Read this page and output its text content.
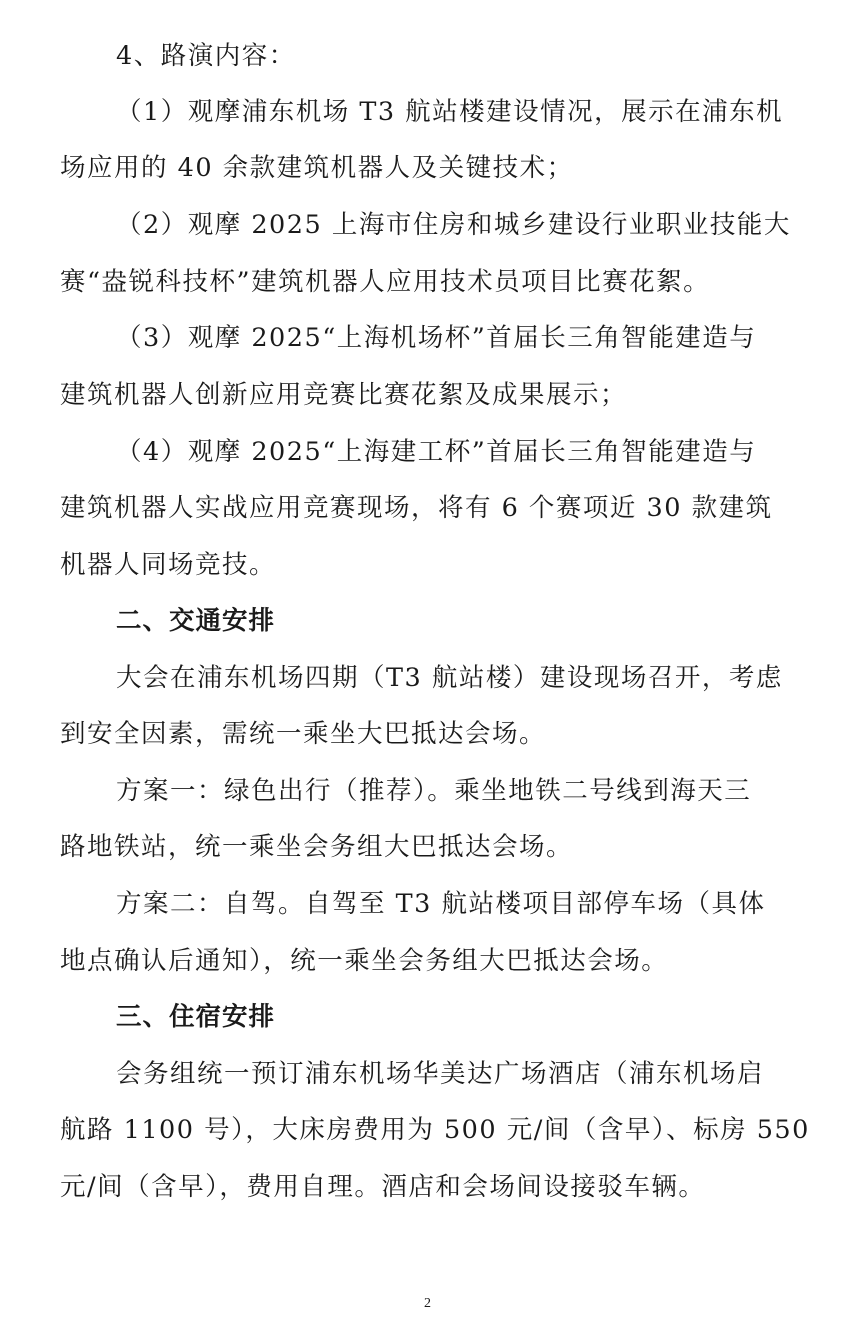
4、路演内容：
（1）观摩浦东机场 T3 航站楼建设情况，展示在浦东机
场应用的 40 余款建筑机器人及关键技术；
（2）观摩 2025 上海市住房和城乡建设行业职业技能大
赛“盎锐科技杯”建筑机器人应用技术员项目比赛花絮。
（3）观摩 2025“上海机场杯”首届长三角智能建造与
建筑机器人创新应用竞赛比赛花絮及成果展示；
（4）观摩 2025“上海建工杯”首届长三角智能建造与
建筑机器人实战应用竞赛现场，将有 6 个赛项近 30 款建筑
机器人同场竞技。
二、交通安排
大会在浦东机场四期（T3 航站楼）建设现场召开，考虑
到安全因素，需统一乘坐大巴抵达会场。
方案一：绿色出行（推荐）。乘坐地铁二号线到海天三
路地铁站，统一乘坐会务组大巴抵达会场。
方案二：自驾。自驾至 T3 航站楼项目部停车场（具体
地点确认后通知），统一乘坐会务组大巴抵达会场。
三、住宿安排
会务组统一预订浦东机场华美达广场酒店（浦东机场启
航路 1100 号），大床房费用为 500 元/间（含早）、标房 550
元/间（含早），费用自理。酒店和会场间设接驳车辆。
2
